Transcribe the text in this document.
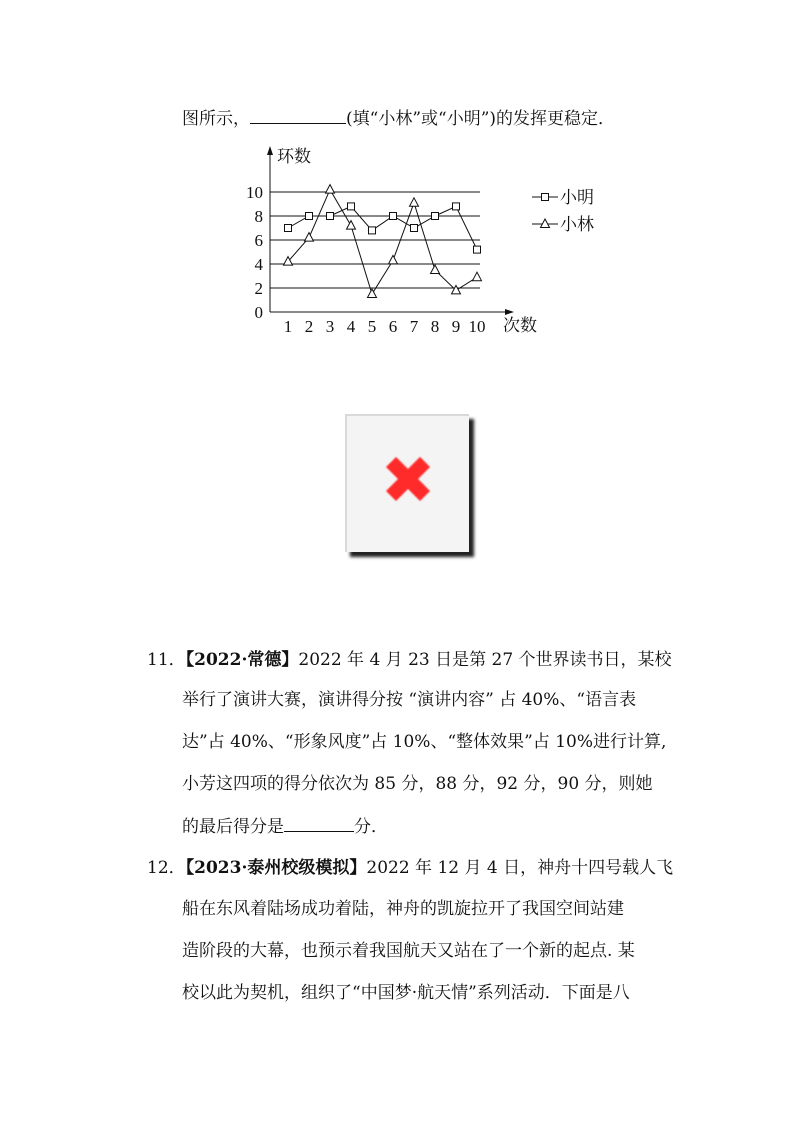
图所示，	(填“小林”或“小明”)的发挥更稳定．
0
2
4
6
8
10
1 2 3 4 5 6 7 8 9 10
环数
次数
✖
11．【2022·常德】2022 年 4 月 23 日是第 27 个世界读书日，某校
举行了演讲大赛，演讲得分按 “演讲内容” 占 40%、“语言表
达”占 40%、“形象风度”占 10%、“整体效果”占 10%进行计算,
小芳这四项的得分依次为 85 分，88 分，92 分，90 分，则她
的最后得分是	分．
12．【2023·泰州校级模拟】2022 年 12 月 4 日，神舟十四号载人飞
船在东风着陆场成功着陆，神舟的凯旋拉开了我国空间站建
造阶段的大幕，也预示着我国航天又站在了一个新的起点. 某
校以此为契机，组织了“中国梦·航天情”系列活动．下面是八
小明
小林
